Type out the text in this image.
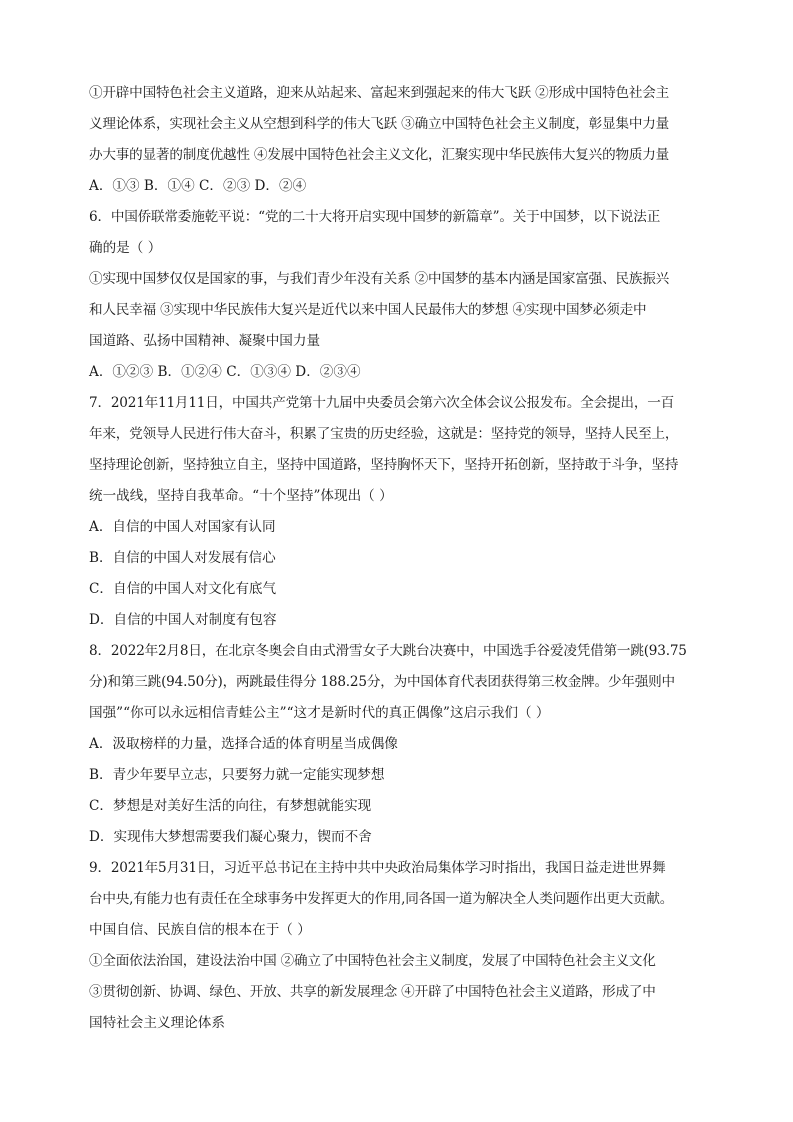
①开辟中国特色社会主义道路，迎来从站起来、富起来到强起来的伟大飞跃 ②形成中国特色社会主
义理论体系，实现社会主义从空想到科学的伟大飞跃 ③确立中国特色社会主义制度，彰显集中力量
办大事的显著的制度优越性 ④发展中国特色社会主义文化，汇聚实现中华民族伟大复兴的物质力量
A．①③ B．①④ C．②③ D．②④
6．中国侨联常委施乾平说：“党的二十大将开启实现中国梦的新篇章”。关于中国梦，以下说法正
确的是（ ）
①实现中国梦仅仅是国家的事，与我们青少年没有关系 ②中国梦的基本内涵是国家富强、民族振兴
和人民幸福 ③实现中华民族伟大复兴是近代以来中国人民最伟大的梦想 ④实现中国梦必须走中
国道路、弘扬中国精神、凝聚中国力量
A．①②③ B．①②④ C．①③④ D．②③④
7．2021年11月11日，中国共产党第十九届中央委员会第六次全体会议公报发布。全会提出，一百
年来，党领导人民进行伟大奋斗，积累了宝贵的历史经验，这就是：坚持党的领导，坚持人民至上，
坚持理论创新，坚持独立自主，坚持中国道路，坚持胸怀天下，坚持开拓创新，坚持敢于斗争，坚持
统一战线，坚持自我革命。“十个坚持”体现出（ ）
A．自信的中国人对国家有认同
B．自信的中国人对发展有信心
C．自信的中国人对文化有底气
D．自信的中国人对制度有包容
8．2022年2月8日，在北京冬奥会自由式滑雪女子大跳台决赛中，中国选手谷爱凌凭借第一跳(93.75
分)和第三跳(94.50分)，两跳最佳得分 188.25分，为中国体育代表团获得第三枚金牌。少年强则中
国强”“你可以永远相信青蛙公主”“这才是新时代的真正偶像”这启示我们（ ）
A．汲取榜样的力量，选择合适的体育明星当成偶像
B．青少年要早立志，只要努力就一定能实现梦想
C．梦想是对美好生活的向往，有梦想就能实现
D．实现伟大梦想需要我们凝心聚力，锲而不舍
9．2021年5月31日，习近平总书记在主持中共中央政治局集体学习时指出，我国日益走进世界舞
台中央,有能力也有责任在全球事务中发挥更大的作用,同各国一道为解决全人类问题作出更大贡献。
中国自信、民族自信的根本在于（ ）
①全面依法治国，建设法治中国 ②确立了中国特色社会主义制度，发展了中国特色社会主义文化
③贯彻创新、协调、绿色、开放、共享的新发展理念 ④开辟了中国特色社会主义道路，形成了中
国特社会主义理论体系
